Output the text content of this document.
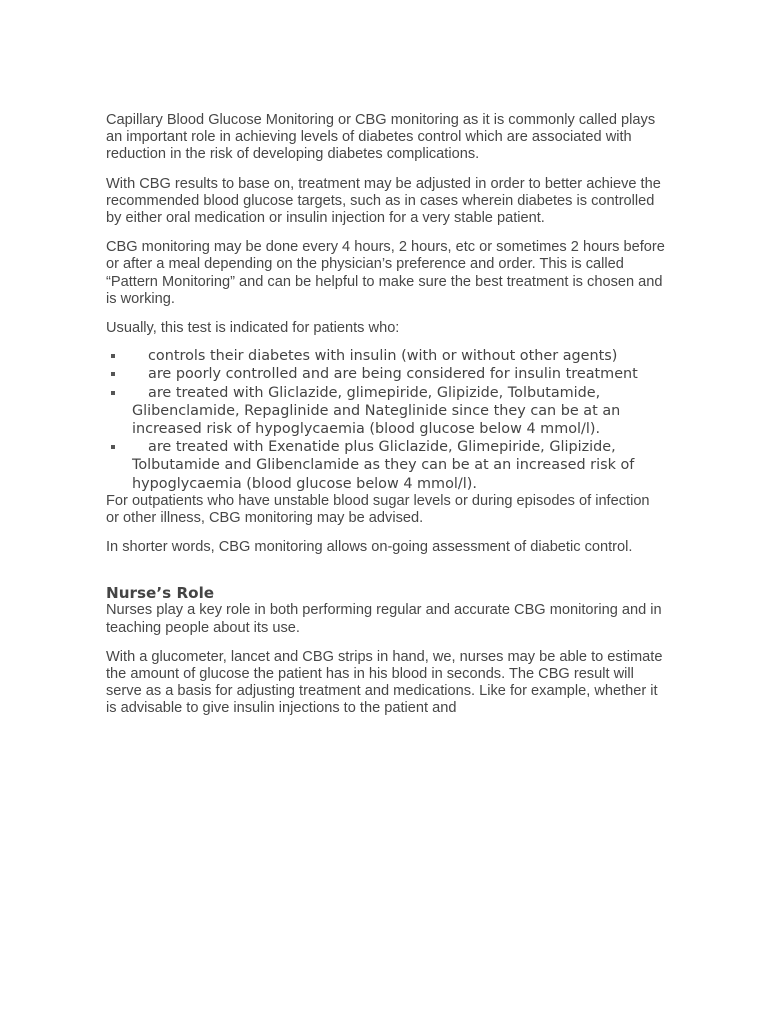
Capillary Blood Glucose Monitoring or CBG monitoring as it is commonly called plays an important role in achieving levels of diabetes control which are associated with reduction in the risk of developing diabetes complications.

With CBG results to base on, treatment may be adjusted in order to better achieve the recommended blood glucose targets, such as in cases wherein diabetes is controlled by either oral medication or insulin injection for a very stable patient.

CBG monitoring may be done every 4 hours, 2 hours, etc or sometimes 2 hours before or after a meal depending on the physician’s preference and order. This is called “Pattern Monitoring” and can be helpful to make sure the best treatment is chosen and is working.

Usually, this test is indicated for patients who:

controls their diabetes with insulin (with or without other agents)
are poorly controlled and are being considered for insulin treatment
are treated with Gliclazide, glimepiride, Glipizide, Tolbutamide, Glibenclamide, Repaglinide and Nateglinide since they can be at an increased risk of hypoglycaemia (blood glucose below 4 mmol/l).
are treated with Exenatide plus Gliclazide, Glimepiride, Glipizide, Tolbutamide and Glibenclamide as they can be at an increased risk of hypoglycaemia (blood glucose below 4 mmol/l).

For outpatients who have unstable blood sugar levels or during episodes of infection or other illness, CBG monitoring may be advised.

In shorter words, CBG monitoring allows on-going assessment of diabetic control.

Nurse’s Role

Nurses play a key role in both performing regular and accurate CBG monitoring and in teaching people about its use.

With a glucometer, lancet and CBG strips in hand, we, nurses may be able to estimate the amount of glucose the patient has in his blood in seconds. The CBG result will serve as a basis for adjusting treatment and medications. Like for example, whether it is advisable to give insulin injections to the patient and
